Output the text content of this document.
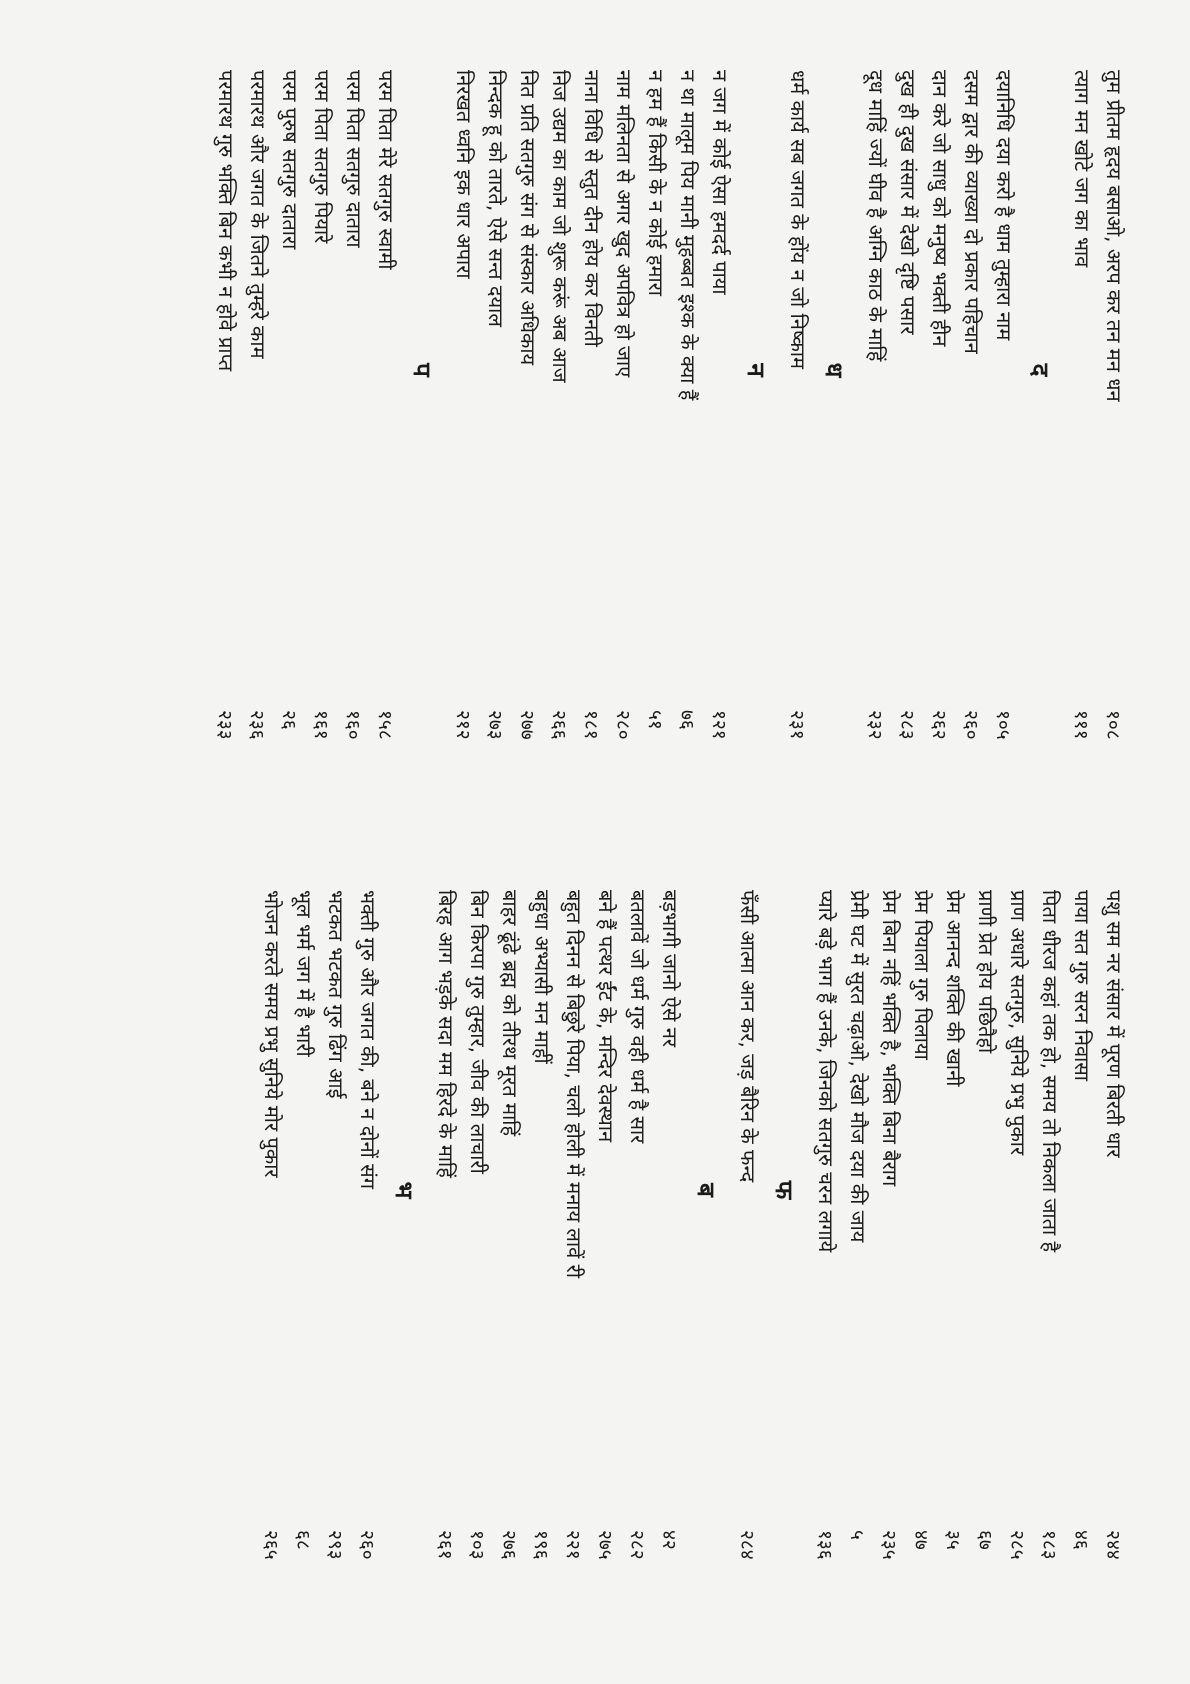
तुम प्रीतम हृदय बसाओ, अरप कर तन मन धन
१०८
त्याग मन खोटे जग का भाव
१११
द
दयानिधि दया करो है धाम तुम्हारा नाम
१०५
दसम द्वार की व्याख्या दो प्रकार पहिचान
२६०
दान करे जो साधु को मनुष्य भक्ती हीन
२६२
दुख ही दुख संसार में देखो दृष्टि पसार
२८३
दूध माहिं ज्यों घीव है अग्नि काठ के माहिं
२३२
ध
धर्म कार्य सब जगत के होंय न जो निष्काम
२३१
न
न जग में कोई ऐसा हमदर्द पाया
१२१
न था मालूम पिय मानी मुहब्बत इश्क के क्या हैं
७६
न हम हैं किसी के न कोई हमारा
५१
नाम मलिनता से अगर खुद अपवित्र हो जाए
२८०
नाना विधि से स्तुत दीन होय कर विनती
१८१
निज उद्यम का काम जो शुरू करूं अब आज
२६६
नित प्रति सतगुरु संग से संस्कार अधिकाय
२७७
निन्दक हू को तारते, ऐसे सन्त दयाल
२७३
निरखत ध्वनि इक धार अपारा
२१२
प
परम पिता मेरे सतगुरु स्वामी
१५८
परम पिता सतगुरु दातारा
१६०
परम पिता सतगुरु पियारे
१६१
परम पुरुष सतगुरु दातारा
२६
परमारथ और जगत के जितने तुम्हरे काम
२३६
परमारथ गुरु भक्ति बिन कभी न होवे प्राप्त
२३३
पशु सम नर संसार में पूरण बिरती धार
२४४
पाया सत गुरु सरन निवासा
४६
पिता धीरज कहां तक हो, समय तो निकला जाता है
१८३
प्राण अधारे सतगुरु, सुनिये प्रभु पुकार
२८५
प्राणी प्रेत होय पछितैहो
६७
प्रेम आनन्द शक्ति की खानी
३५
प्रेम पियाला गुरु पिलाया
४७
प्रेम बिना नहिं भक्ति है, भक्ति बिना बैराग
२३५
प्रेमी घट में सुरत चढ़ाओ, देखो मौज दया की जाय
५
प्यारे बड़े भाग हैं उनके, जिनको सतगुरु चरन लगाये
१३६
फ
फँसी आत्मा आन कर, जड़ बैरिन के फन्द
२८४
ब
बड़भागी जानो ऐसे नर
४२
बतलावें जो धर्म गुरु वही धर्म है सार
२८२
बने हैं पत्थर ईंट के, मन्दिर देवस्थान
२७५
बहुत दिनन से बिछुरे पिया, चलो होली में मनाय लावें री
२२१
बहुधा अभ्यासी मन माहीं
१९६
बाहर ढूंढे ब्रह्म को तीरथ मूरत माहिं
२७६
बिन किरपा गुरु तुम्हार, जीव की लाचारी
१०३
बिरह आग भड़के सदा मम हिरदे के माहिं
२६१
भ
भक्ती गुरु और जगत की, बने न दोनों संग
२६०
भटकत भटकत गुरु ढिंग आई
२९३
भूल भर्म जग में है भारी
६८
भोजन करते समय प्रभु सुनिये मोर पुकार
२६५
